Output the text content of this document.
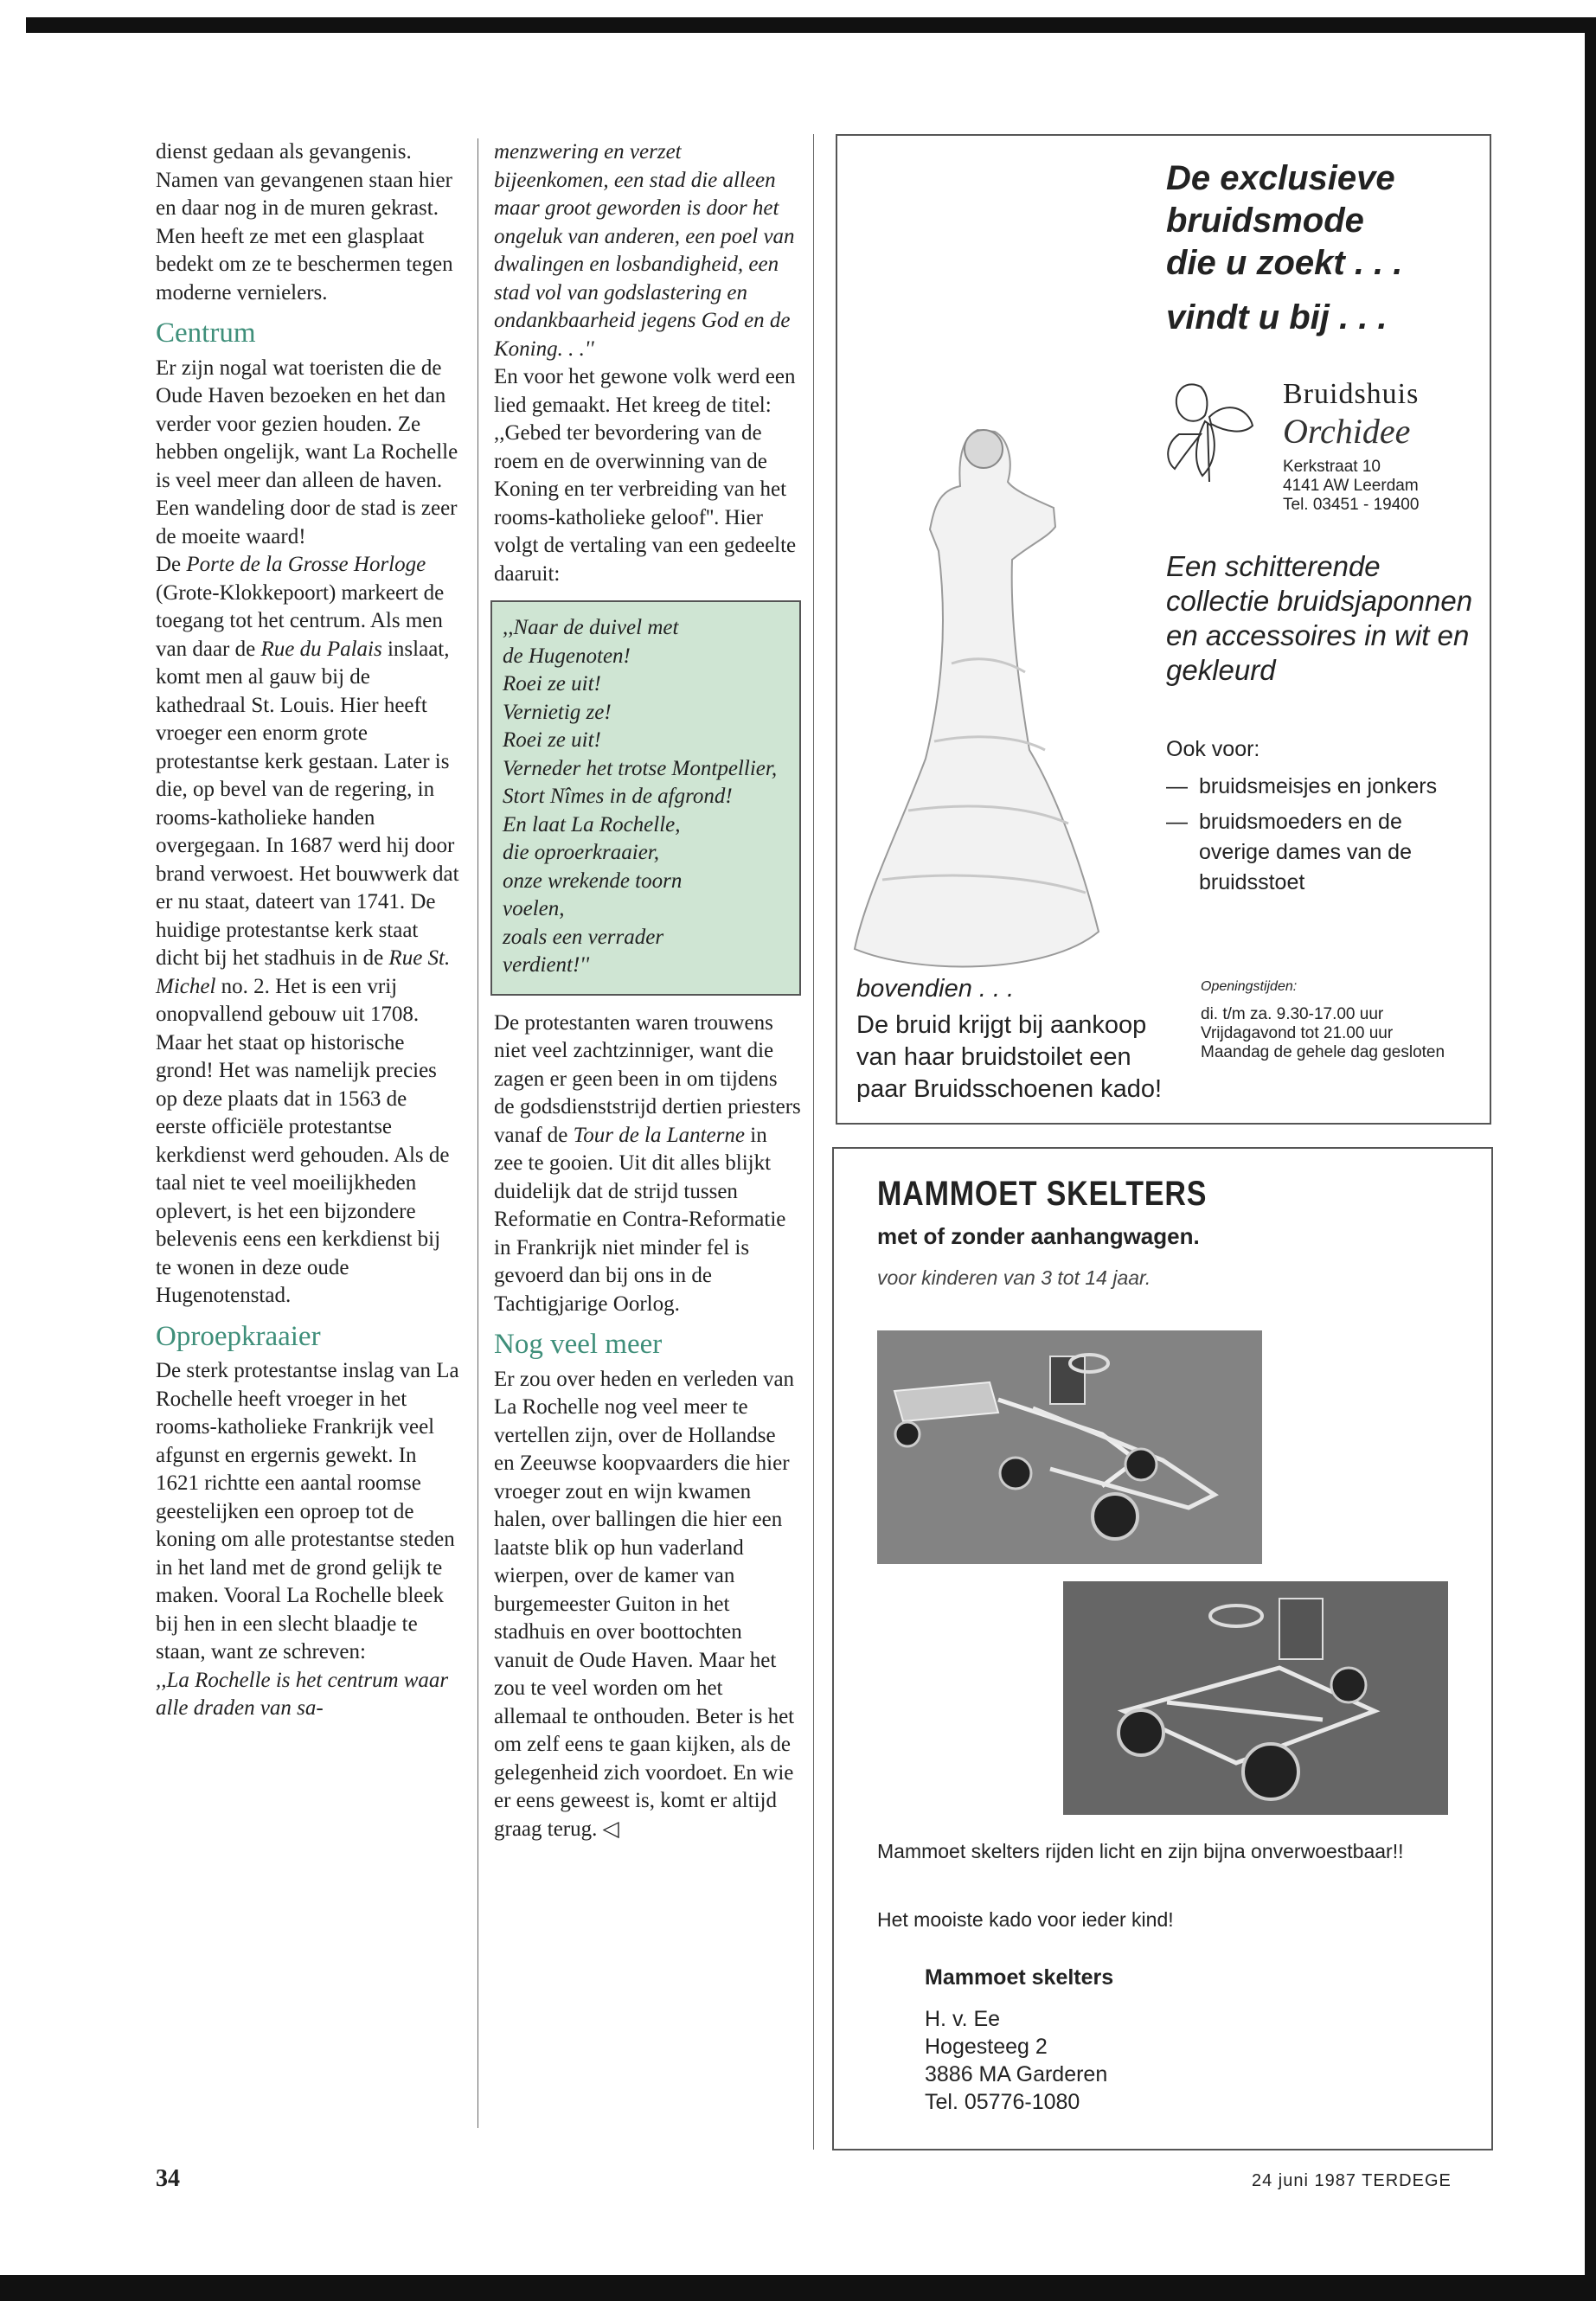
dienst gedaan als gevangenis. Namen van gevangenen staan hier en daar nog in de muren gekrast. Men heeft ze met een glasplaat bedekt om ze te beschermen tegen moderne vernielers.

Centrum

Er zijn nogal wat toeristen die de Oude Haven bezoeken en het dan verder voor gezien houden. Ze hebben ongelijk, want La Rochelle is veel meer dan alleen de haven. Een wandeling door de stad is zeer de moeite waard!

De Porte de la Grosse Horloge (Grote-Klokkepoort) markeert de toegang tot het centrum. Als men van daar de Rue du Palais inslaat, komt men al gauw bij de kathedraal St. Louis. Hier heeft vroeger een enorm grote protestantse kerk gestaan. Later is die, op bevel van de regering, in rooms-katholieke handen overgegaan. In 1687 werd hij door brand verwoest. Het bouwwerk dat er nu staat, dateert van 1741. De huidige protestantse kerk staat dicht bij het stadhuis in de Rue St. Michel no. 2. Het is een vrij onopvallend gebouw uit 1708. Maar het staat op historische grond! Het was namelijk precies op deze plaats dat in 1563 de eerste officiële protestantse kerkdienst werd gehouden. Als de taal niet te veel moeilijkheden oplevert, is het een bijzondere belevenis eens een kerkdienst bij te wonen in deze oude Hugenotenstad.

Oproepkraaier

De sterk protestantse inslag van La Rochelle heeft vroeger in het rooms-katholieke Frankrijk veel afgunst en ergernis gewekt. In 1621 richtte een aantal roomse geestelijken een oproep tot de koning om alle protestantse steden in het land met de grond gelijk te maken. Vooral La Rochelle bleek bij hen in een slecht blaadje te staan, want ze schreven:

,,La Rochelle is het centrum waar alle draden van sa-

menzwering en verzet bijeenkomen, een stad die alleen maar groot geworden is door het ongeluk van anderen, een poel van dwalingen en losbandigheid, een stad vol van godslastering en ondankbaarheid jegens God en de Koning. . .''

En voor het gewone volk werd een lied gemaakt. Het kreeg de titel: ,,Gebed ter bevordering van de roem en de overwinning van de Koning en ter verbreiding van het rooms-katholieke geloof''. Hier volgt de vertaling van een gedeelte daaruit:

,,Naar de duivel met
de Hugenoten!
Roei ze uit!
Vernietig ze!
Roei ze uit!
Verneder het trotse Montpellier,
Stort Nîmes in de afgrond!
En laat La Rochelle,
die oproerkraaier,
onze wrekende toorn
voelen,
zoals een verrader
verdient!''

De protestanten waren trouwens niet veel zachtzinniger, want die zagen er geen been in om tijdens de godsdienststrijd dertien priesters vanaf de Tour de la Lanterne in zee te gooien. Uit dit alles blijkt duidelijk dat de strijd tussen Reformatie en Contra-Reformatie in Frankrijk niet minder fel is gevoerd dan bij ons in de Tachtigjarige Oorlog.

Nog veel meer

Er zou over heden en verleden van La Rochelle nog veel meer te vertellen zijn, over de Hollandse en Zeeuwse koopvaarders die hier vroeger zout en wijn kwamen halen, over ballingen die hier een laatste blik op hun vaderland wierpen, over de kamer van burgemeester Guiton in het stadhuis en over boottochten vanuit de Oude Haven. Maar het zou te veel worden om het allemaal te onthouden. Beter is het om zelf eens te gaan kijken, als de gelegenheid zich voordoet. En wie er eens geweest is, komt er altijd graag terug. ◁

De exclusieve
bruidsmode
die u zoekt . . .
vindt u bij . . .
Bruidshuis
Orchidee
Kerkstraat 10
4141 AW Leerdam
Tel. 03451 - 19400
Een schitterende collectie bruidsjaponnen en accessoires in wit en gekleurd
Ook voor:
— bruidsmeisjes en jonkers
— bruidsmoeders en de overige dames van de bruidsstoet
bovendien . . .
De bruid krijgt bij aankoop van haar bruidstoilet een paar Bruidsschoenen kado!
Openingstijden:
di. t/m za. 9.30-17.00 uur
Vrijdagavond tot 21.00 uur
Maandag de gehele dag gesloten
MAMMOET SKELTERS
met of zonder aanhangwagen.
voor kinderen van 3 tot 14 jaar.
Mammoet skelters rijden licht en zijn bijna onverwoestbaar!!
Het mooiste kado voor ieder kind!
Mammoet skelters
H. v. Ee
Hogesteeg 2
3886 MA Garderen
Tel. 05776-1080
34	24 juni 1987 TERDEGE
